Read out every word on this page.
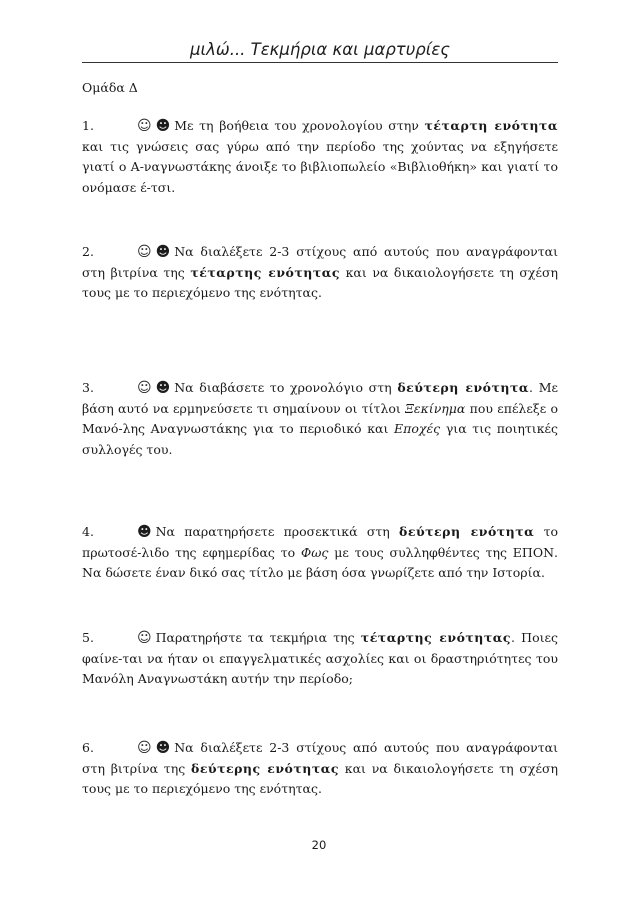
μιλώ... Τεκμήρια και μαρτυρίες
Ομάδα Δ
1.	☺ ☻ Με τη βοήθεια του χρονολογίου στην τέταρτη ενότητα και τις γνώσεις σας γύρω από την περίοδο της χούντας να εξηγήσετε γιατί ο Α-ναγνωστάκης άνοιξε το βιβλιοπωλείο «Βιβλιοθήκη» και γιατί το ονόμασε έ-τσι.
2.	☺ ☻ Να διαλέξετε 2-3 στίχους από αυτούς που αναγράφονται στη βιτρίνα της τέταρτης ενότητας και να δικαιολογήσετε τη σχέση τους με το περιεχόμενο της ενότητας.
3.	☺ ☻ Να διαβάσετε το χρονολόγιο στη δεύτερη ενότητα. Με βάση αυτό να ερμηνεύσετε τι σημαίνουν οι τίτλοι Ξεκίνημα που επέλεξε ο Μανό-λης Αναγνωστάκης για το περιοδικό και Εποχές για τις ποιητικές συλλογές του.
4.	☻ Να παρατηρήσετε προσεκτικά στη δεύτερη ενότητα το πρωτοσέ-λιδο της εφημερίδας το Φως με τους συλληφθέντες της ΕΠΟΝ. Να δώσετε έναν δικό σας τίτλο με βάση όσα γνωρίζετε από την Ιστορία.
5.	☺ Παρατηρήστε τα τεκμήρια της τέταρτης ενότητας. Ποιες φαίνε-ται να ήταν οι επαγγελματικές ασχολίες και οι δραστηριότητες του Μανόλη Αναγνωστάκη αυτήν την περίοδο;
6.	☺ ☻ Να διαλέξετε 2-3 στίχους από αυτούς που αναγράφονται στη βιτρίνα της δεύτερης ενότητας και να δικαιολογήσετε τη σχέση τους με το περιεχόμενο της ενότητας.
20
